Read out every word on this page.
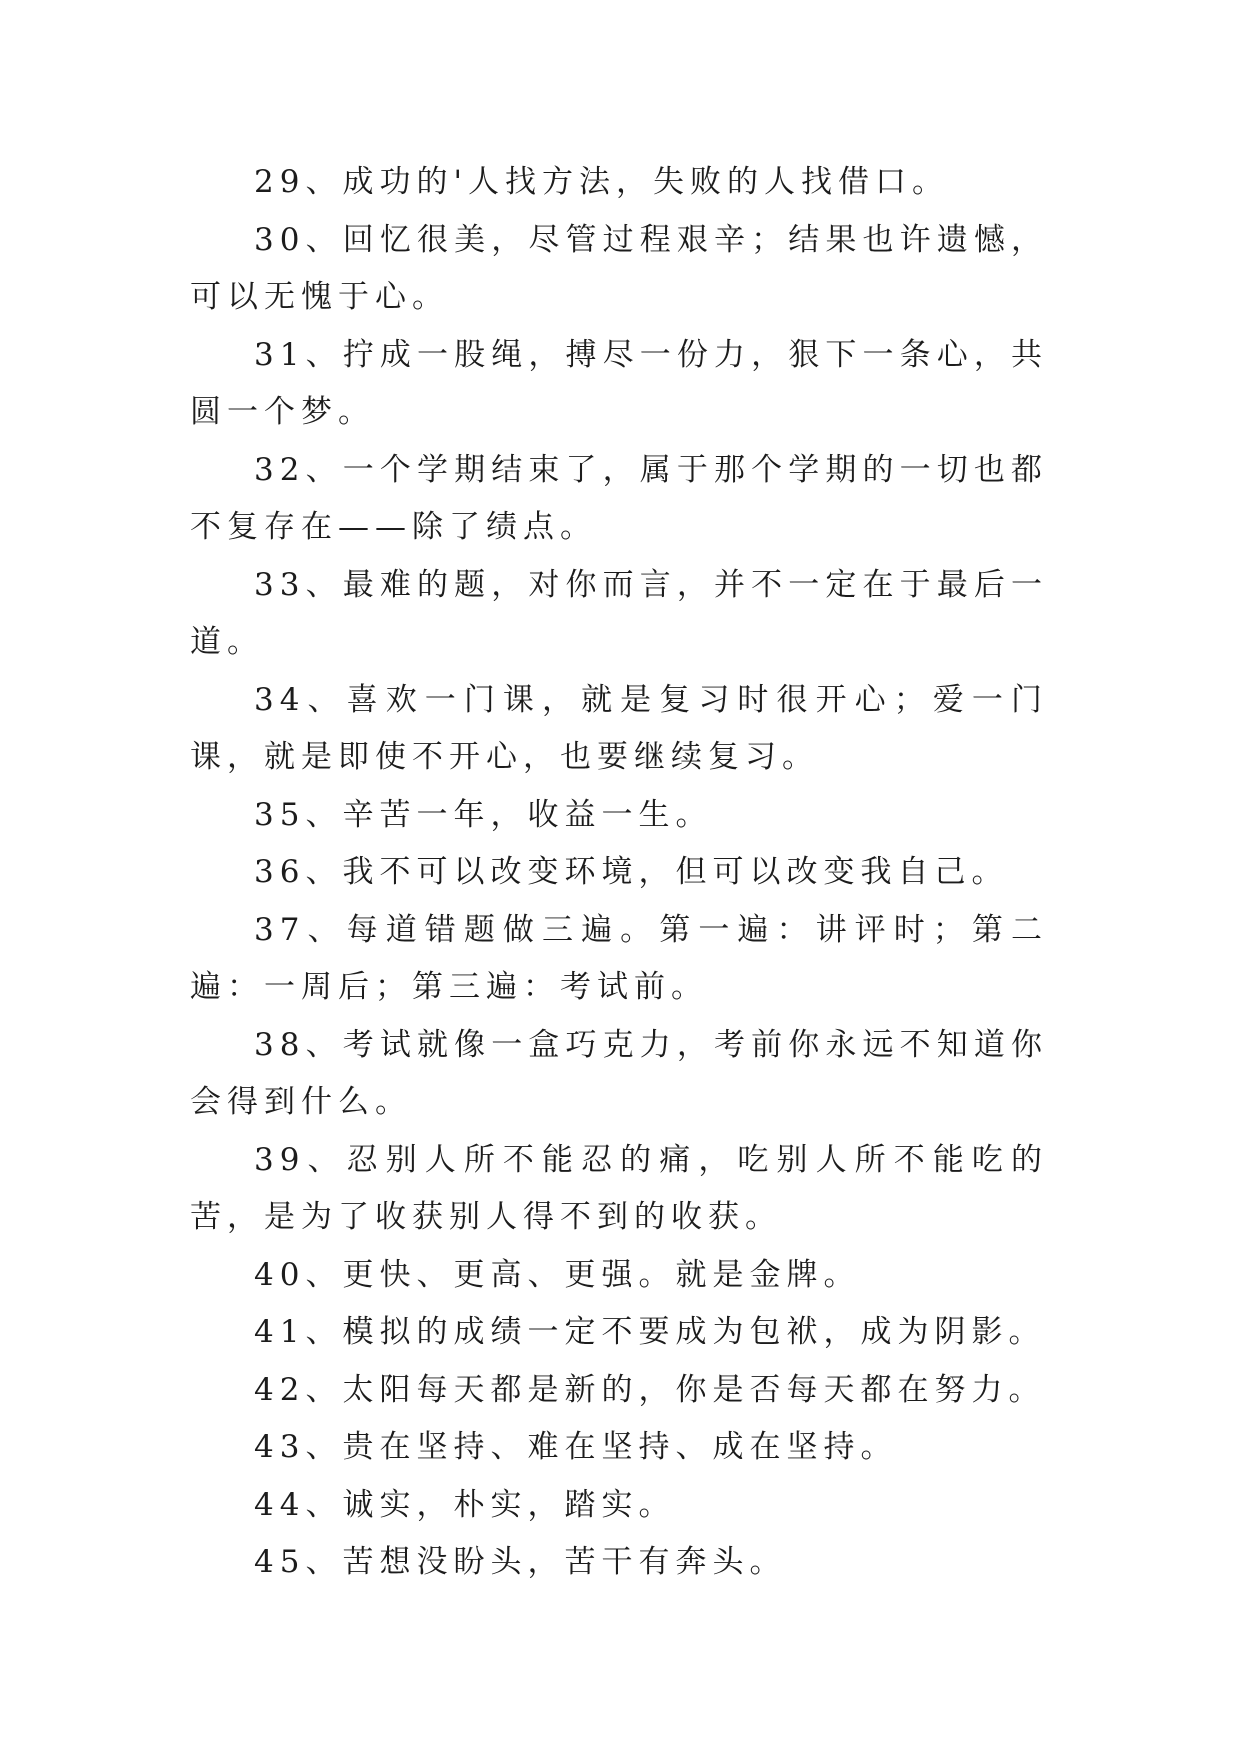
29、成功的'人找方法，失败的人找借口。

30、回忆很美，尽管过程艰辛；结果也许遗憾，可以无愧于心。

31、拧成一股绳，搏尽一份力，狠下一条心，共圆一个梦。

32、一个学期结束了，属于那个学期的一切也都不复存在——除了绩点。

33、最难的题，对你而言，并不一定在于最后一道。

34、喜欢一门课，就是复习时很开心；爱一门课，就是即使不开心，也要继续复习。

35、辛苦一年，收益一生。

36、我不可以改变环境，但可以改变我自己。

37、每道错题做三遍。第一遍：讲评时；第二遍：一周后；第三遍：考试前。

38、考试就像一盒巧克力，考前你永远不知道你会得到什么。

39、忍别人所不能忍的痛，吃别人所不能吃的苦，是为了收获别人得不到的收获。

40、更快、更高、更强。就是金牌。

41、模拟的成绩一定不要成为包袱，成为阴影。

42、太阳每天都是新的，你是否每天都在努力。

43、贵在坚持、难在坚持、成在坚持。

44、诚实，朴实，踏实。

45、苦想没盼头，苦干有奔头。
